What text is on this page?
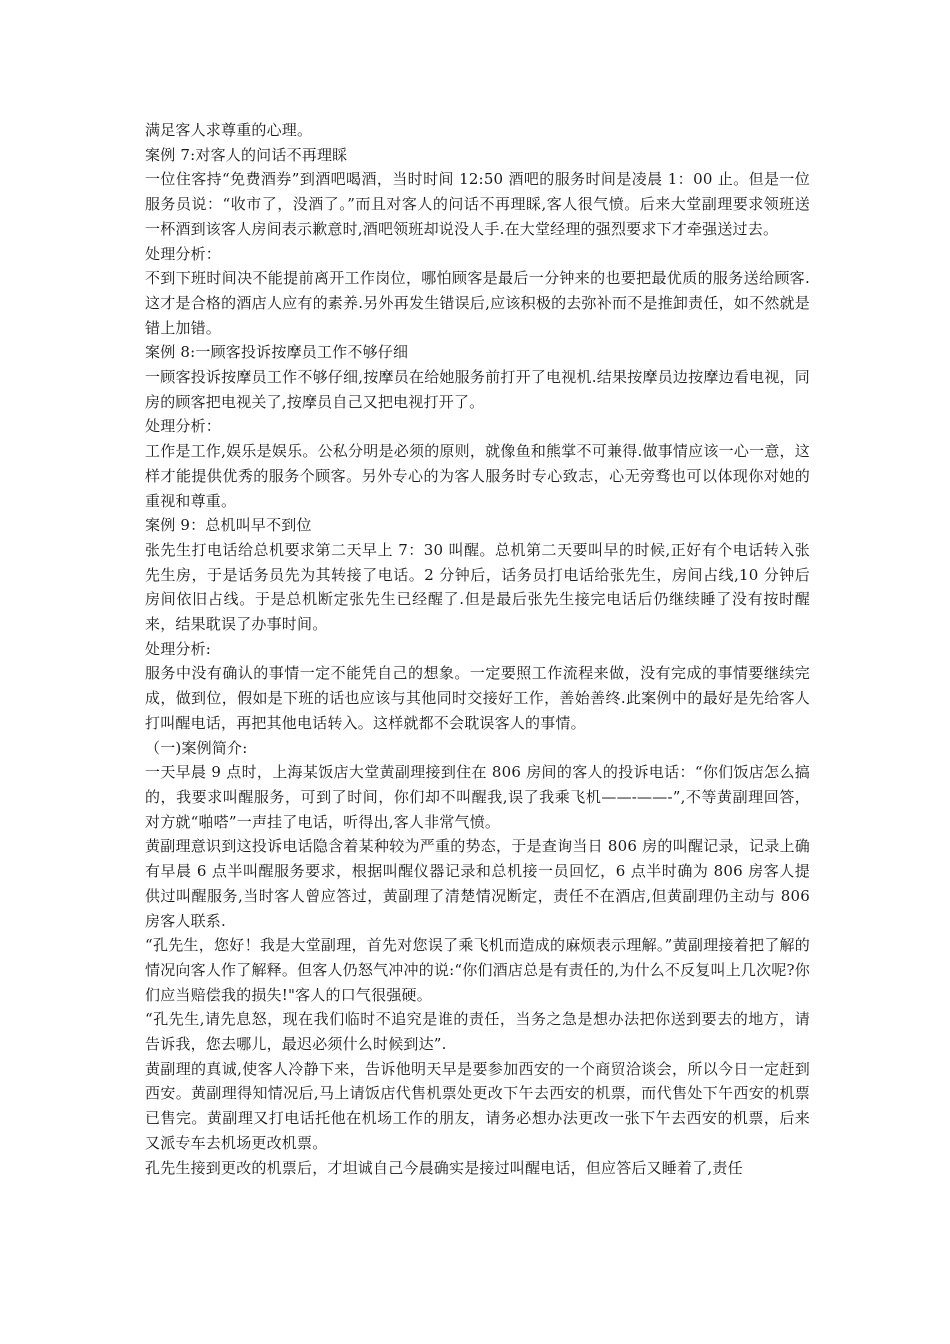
满足客人求尊重的心理。

案例 7:对客人的问话不再理睬

一位住客持“免费酒券”到酒吧喝酒，当时时间 12:50 酒吧的服务时间是凌晨 1：00 止。但是一位服务员说：“收市了，没酒了。”而且对客人的问话不再理睬,客人很气愤。后来大堂副理要求领班送一杯酒到该客人房间表示歉意时,酒吧领班却说没人手.在大堂经理的强烈要求下才牵强送过去。

处理分析：

不到下班时间决不能提前离开工作岗位，哪怕顾客是最后一分钟来的也要把最优质的服务送给顾客.这才是合格的酒店人应有的素养.另外再发生错误后,应该积极的去弥补而不是推卸责任，如不然就是错上加错。

案例 8:一顾客投诉按摩员工作不够仔细

一顾客投诉按摩员工作不够仔细,按摩员在给她服务前打开了电视机.结果按摩员边按摩边看电视，同房的顾客把电视关了,按摩员自己又把电视打开了。

处理分析：

工作是工作,娱乐是娱乐。公私分明是必须的原则，就像鱼和熊掌不可兼得.做事情应该一心一意，这样才能提供优秀的服务个顾客。另外专心的为客人服务时专心致志，心无旁骛也可以体现你对她的重视和尊重。

案例 9：总机叫早不到位

张先生打电话给总机要求第二天早上 7：30 叫醒。总机第二天要叫早的时候,正好有个电话转入张先生房，于是话务员先为其转接了电话。2 分钟后，话务员打电话给张先生，房间占线,10 分钟后房间依旧占线。于是总机断定张先生已经醒了.但是最后张先生接完电话后仍继续睡了没有按时醒来，结果耽误了办事时间。

处理分析:

服务中没有确认的事情一定不能凭自己的想象。一定要照工作流程来做，没有完成的事情要继续完成，做到位，假如是下班的话也应该与其他同时交接好工作，善始善终.此案例中的最好是先给客人打叫醒电话，再把其他电话转入。这样就都不会耽误客人的事情。

（一)案例简介:

一天早晨 9 点时，上海某饭店大堂黄副理接到住在 806 房间的客人的投诉电话：“你们饭店怎么搞的，我要求叫醒服务，可到了时间，你们却不叫醒我,误了我乘飞机——-——-”,不等黄副理回答，对方就“啪嗒”一声挂了电话，听得出,客人非常气愤。

黄副理意识到这投诉电话隐含着某种较为严重的势态，于是查询当日 806 房的叫醒记录，记录上确有早晨 6 点半叫醒服务要求，根据叫醒仪器记录和总机接一员回忆，6 点半时确为 806 房客人提供过叫醒服务,当时客人曾应答过，黄副理了清楚情况断定，责任不在酒店,但黄副理仍主动与 806 房客人联系.

“孔先生，您好！我是大堂副理，首先对您误了乘飞机而造成的麻烦表示理解。”黄副理接着把了解的情况向客人作了解释。但客人仍怒气冲冲的说:“你们酒店总是有责任的,为什么不反复叫上几次呢?你们应当赔偿我的损失!"客人的口气很强硬。

“孔先生,请先息怒，现在我们临时不追究是谁的责任，当务之急是想办法把你送到要去的地方，请告诉我，您去哪儿，最迟必须什么时候到达”.

黄副理的真诚,使客人冷静下来，告诉他明天早是要参加西安的一个商贸洽谈会，所以今日一定赶到西安。黄副理得知情况后,马上请饭店代售机票处更改下午去西安的机票，而代售处下午西安的机票已售完。黄副理又打电话托他在机场工作的朋友，请务必想办法更改一张下午去西安的机票，后来又派专车去机场更改机票。

孔先生接到更改的机票后，才坦诚自己今晨确实是接过叫醒电话，但应答后又睡着了,责任
